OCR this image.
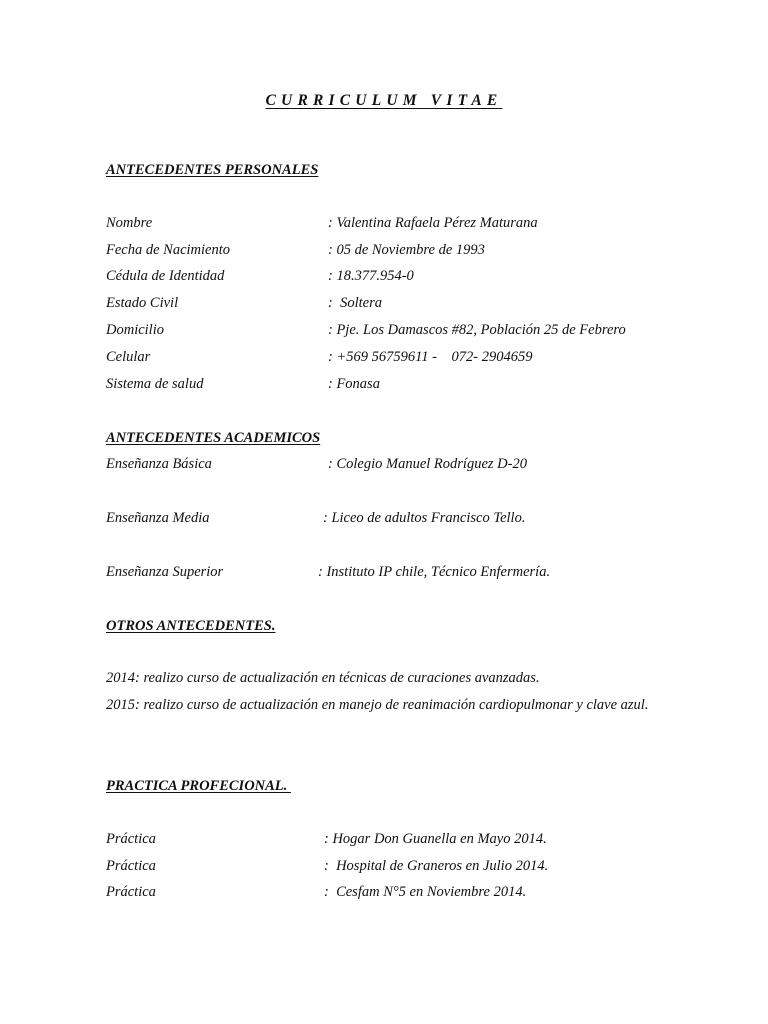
CURRICULUM VITAE
ANTECEDENTES PERSONALES
Nombre	: Valentina Rafaela Pérez Maturana
Fecha de Nacimiento	: 05 de Noviembre de 1993
Cédula de Identidad	: 18.377.954-0
Estado Civil	:  Soltera
Domicilio	: Pje. Los Damascos #82, Población 25 de Febrero
Celular	: +569 56759611 -    072- 2904659
Sistema de salud	: Fonasa
ANTECEDENTES ACADEMICOS
Enseñanza Básica	: Colegio Manuel Rodríguez D-20
Enseñanza Media	: Liceo de adultos Francisco Tello.
Enseñanza Superior	: Instituto IP chile, Técnico Enfermería.
OTROS ANTECEDENTES.
2014: realizo curso de actualización en técnicas de curaciones avanzadas.
2015: realizo curso de actualización en manejo de reanimación cardiopulmonar y clave azul.
PRACTICA PROFECIONAL.
Práctica	: Hogar Don Guanella en Mayo 2014.
Práctica	:  Hospital de Graneros en Julio 2014.
Práctica	:  Cesfam N°5 en Noviembre 2014.
